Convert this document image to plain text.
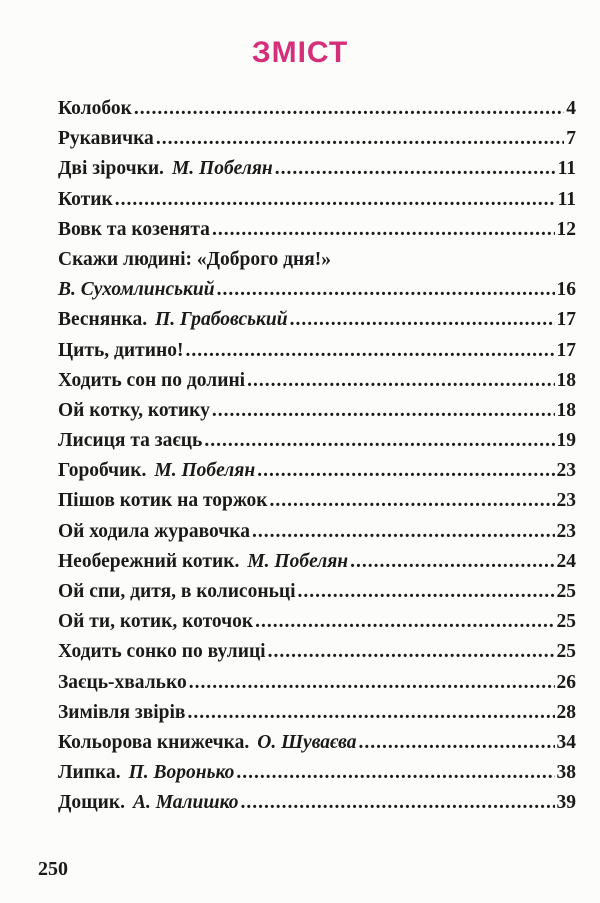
ЗМІСТ
Колобок .....	4
Рукавичка .....	7
Дві зірочки. М. Побелян .....	11
Котик .....	11
Вовк та козенята .....	12
Скажи людині: «Доброго дня!»
В. Сухомлинський .....	16
Веснянка. П. Грабовський .....	17
Цить, дитино! .....	17
Ходить сон по долині .....	18
Ой котку, котику .....	18
Лисиця та заєць .....	19
Горобчик. М. Побелян .....	23
Пішов котик на торжок .....	23
Ой ходила журавочка .....	23
Необережний котик. М. Побелян .....	24
Ой спи, дитя, в колисоньці .....	25
Ой ти, котик, коточок .....	25
Ходить сонко по вулиці .....	25
Заєць-хвалько .....	26
Зимівля звірів .....	28
Кольорова книжечка. О. Шуваєва .....	34
Липка. П. Воронько .....	38
Дощик. А. Малишко .....	39
250
